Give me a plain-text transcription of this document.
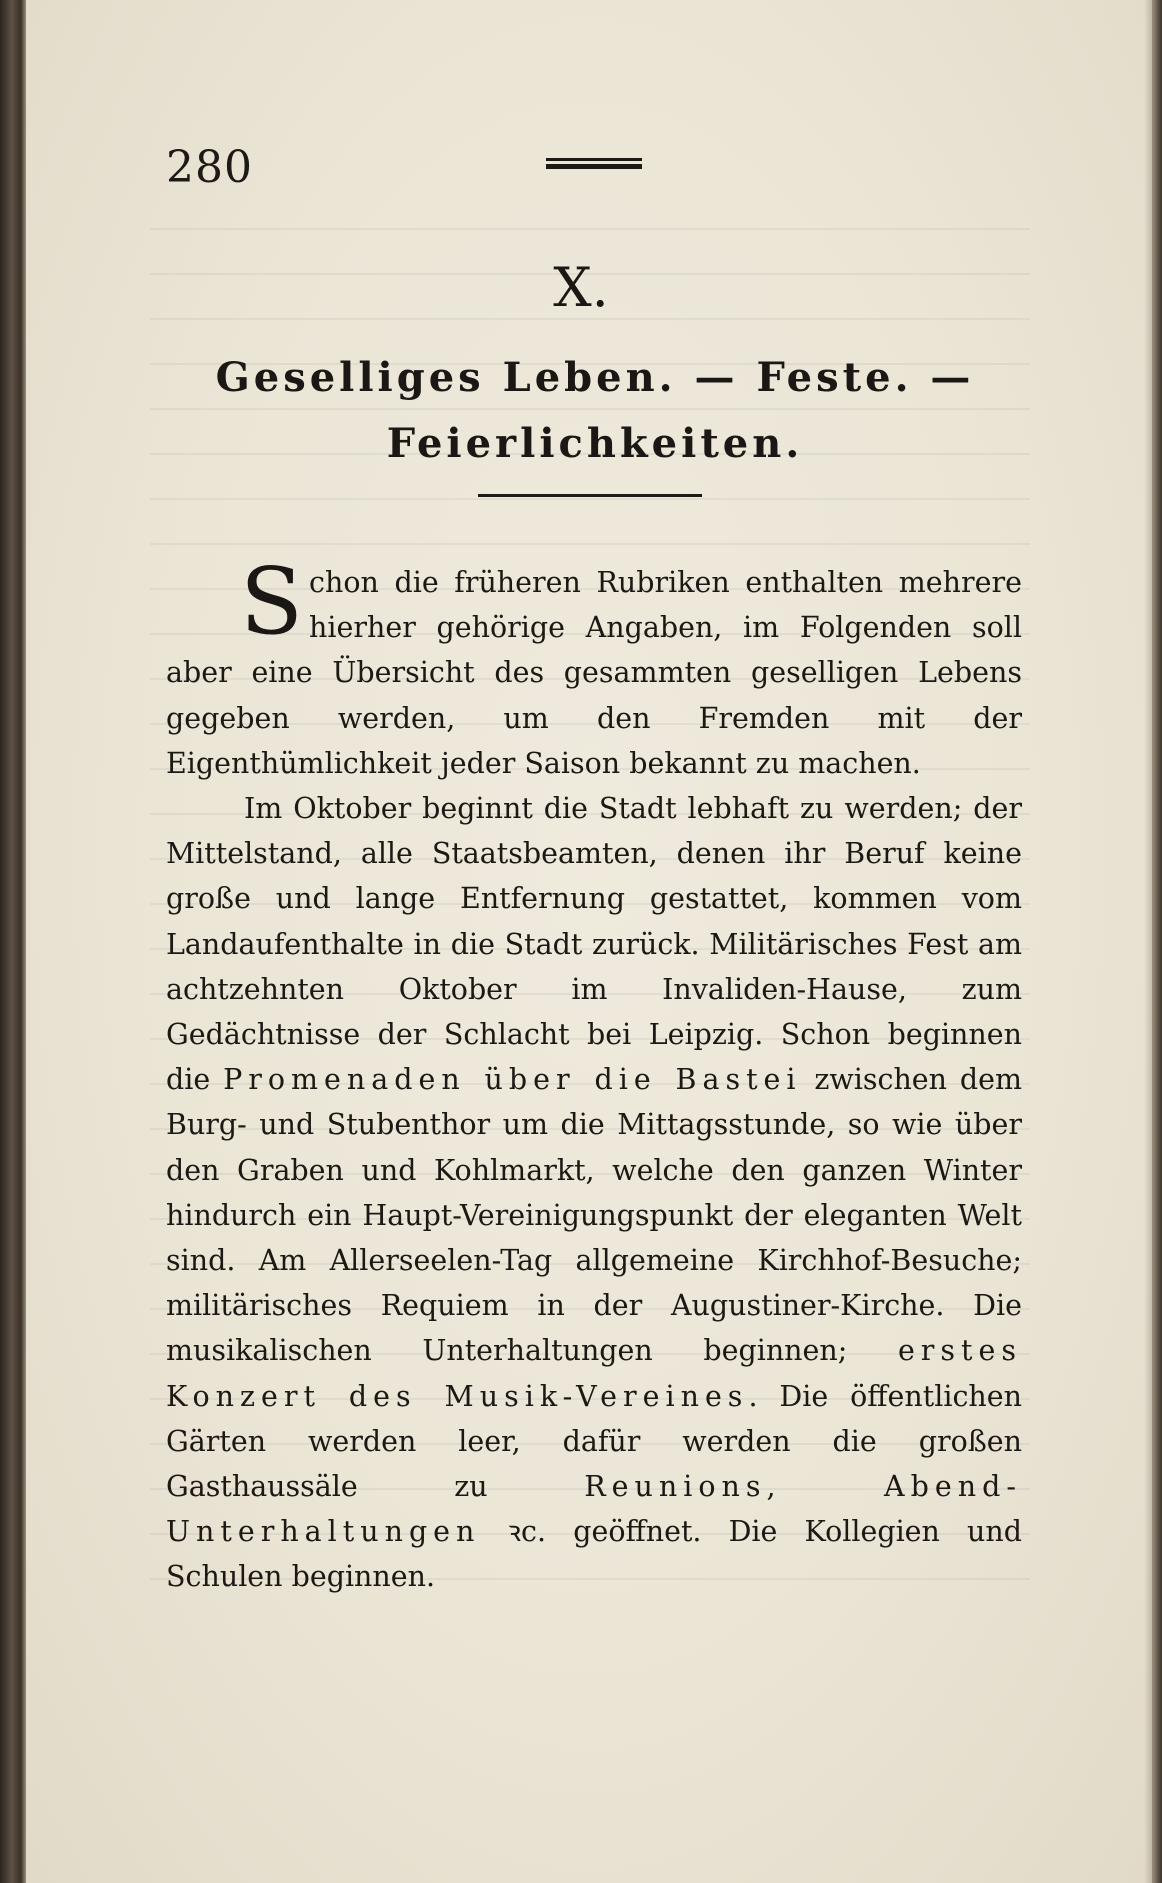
280
X.
Geselliges Leben. — Feste. —
Feierlichkeiten.

Schon die früheren Rubriken enthalten mehrere hierher gehörige Angaben, im Folgenden soll aber eine Übersicht des gesammten geselligen Lebens gegeben werden, um den Fremden mit der Eigenthümlichkeit jeder Saison bekannt zu machen.

Im Oktober beginnt die Stadt lebhaft zu werden; der Mittelstand, alle Staatsbeamten, denen ihr Beruf keine große und lange Entfernung gestattet, kommen vom Landaufenthalte in die Stadt zurück. Militärisches Fest am achtzehnten Oktober im Invaliden-Hause, zum Gedächtnisse der Schlacht bei Leipzig. Schon beginnen die Promenaden über die Bastei zwischen dem Burg- und Stubenthor um die Mittagsstunde, so wie über den Graben und Kohlmarkt, welche den ganzen Winter hindurch ein Haupt-Vereinigungspunkt der eleganten Welt sind. Am Allerseelen-Tag allgemeine Kirchhof-Besuche; militärisches Requiem in der Augustiner-Kirche. Die musikalischen Unterhaltungen beginnen; erstes Konzert des Musik-Vereines. Die öffentlichen Gärten werden leer, dafür werden die großen Gasthaussäle zu Reunions, Abend-Unterhaltungen ꝛc. geöffnet. Die Kollegien und Schulen beginnen.
